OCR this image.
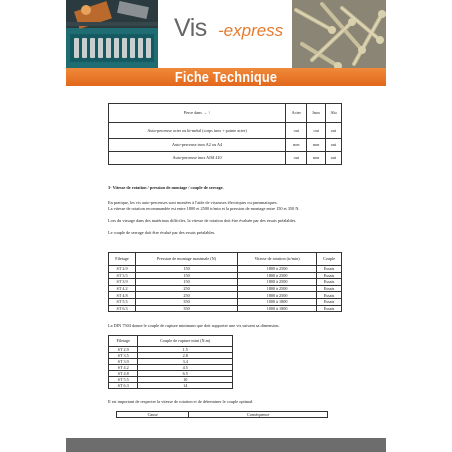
Vis -express
Fiche Technique
Perce dans → ↑	Acier	Inox	Alu
Auto-perceuse acier ou bi-métal (corps inox + pointe acier)	oui	oui	oui
Auto-perceuse inox A2 ou A4	non	non	oui
Auto-perceuse inox AISI 410	oui	non	oui
3- Vitesse de rotation / pression de montage / couple de serrage.
En pratique, les vis auto-perceuses sont montées à l'aide de visseuses électriques ou pneumatiques.
La vitesse de rotation recommandée est entre 1800 et 2500 tr/min et la pression de montage entre 150 et 350 N.
Lors du vissage dans des matériaux difficiles, la vitesse de rotation doit être évaluée par des essais préalables.
Le couple de serrage doit être évalué par des essais préalables.
Filetage	Pression de montage maximale (N)	Vitesse de rotation (tr/min)	Couple
ST 2.9	150	1800 à 2500	Essais
ST 3.5	150	1800 à 2500	Essais
ST 3.9	150	1800 à 2500	Essais
ST 4.2	250	1800 à 2500	Essais
ST 4.8	250	1800 à 2500	Essais
ST 5.5	350	1000 à 1800	Essais
ST 6.3	350	1000 à 1800	Essais
La DIN 7504 donne le couple de rupture minimum que doit supporter une vis suivant sa dimension.
Filetage	Couple de rupture mini (N.m)
ST 2.9	1.5
ST 3.5	2.8
ST 3.9	3.4
ST 4.2	4.5
ST 4.8	6.5
ST 5.5	10
ST 6.3	14
Il est important de respecter la vitesse de rotation et de déterminer le couple optimal.
Cause	Conséquence
